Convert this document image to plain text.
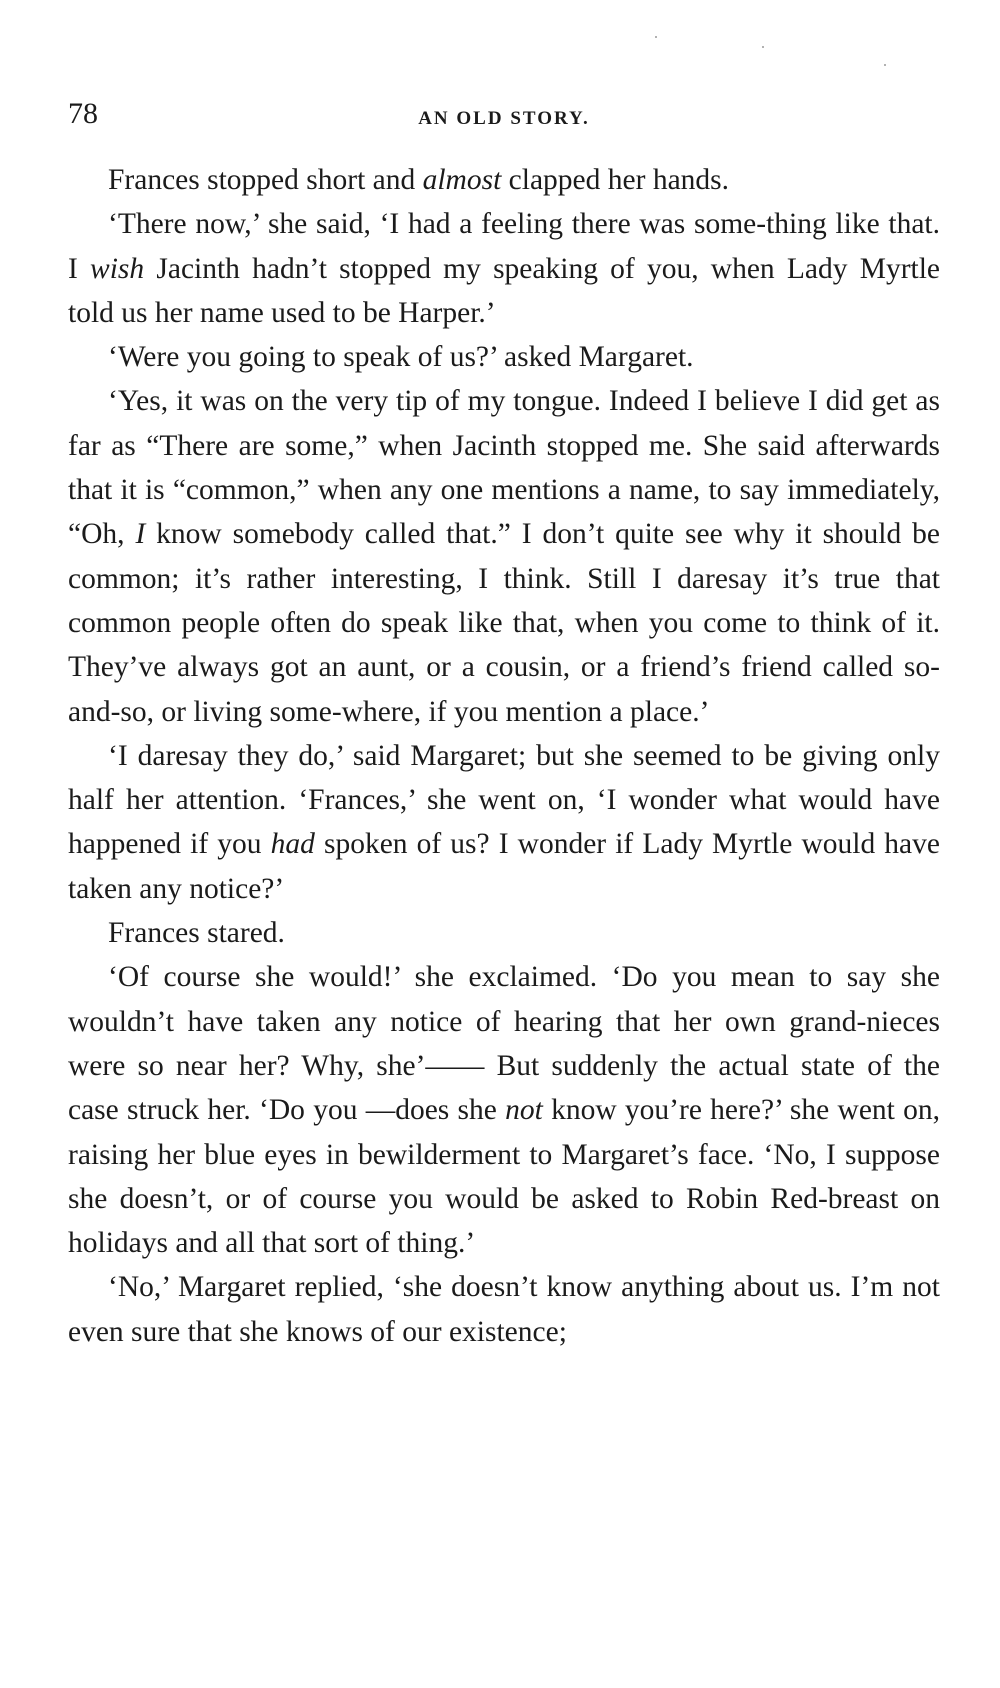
78	AN OLD STORY.

Frances stopped short and almost clapped her hands.

‘There now,’ she said, ‘I had a feeling there was some-thing like that. I wish Jacinth hadn’t stopped my speaking of you, when Lady Myrtle told us her name used to be Harper.’

‘Were you going to speak of us?’ asked Margaret.

‘Yes, it was on the very tip of my tongue. Indeed I believe I did get as far as “There are some,” when Jacinth stopped me. She said afterwards that it is “common,” when any one mentions a name, to say immediately, “Oh, I know somebody called that.” I don’t quite see why it should be common; it’s rather interesting, I think. Still I daresay it’s true that common people often do speak like that, when you come to think of it. They’ve always got an aunt, or a cousin, or a friend’s friend called so-and-so, or living some-where, if you mention a place.’

‘I daresay they do,’ said Margaret; but she seemed to be giving only half her attention. ‘Frances,’ she went on, ‘I wonder what would have happened if you had spoken of us? I wonder if Lady Myrtle would have taken any notice?’

Frances stared.

‘Of course she would!’ she exclaimed. ‘Do you mean to say she wouldn’t have taken any notice of hearing that her own grand-nieces were so near her? Why, she’—— But suddenly the actual state of the case struck her. ‘Do you —does she not know you’re here?’ she went on, raising her blue eyes in bewilderment to Margaret’s face. ‘No, I suppose she doesn’t, or of course you would be asked to Robin Red-breast on holidays and all that sort of thing.’

‘No,’ Margaret replied, ‘she doesn’t know anything about us. I’m not even sure that she knows of our existence;
